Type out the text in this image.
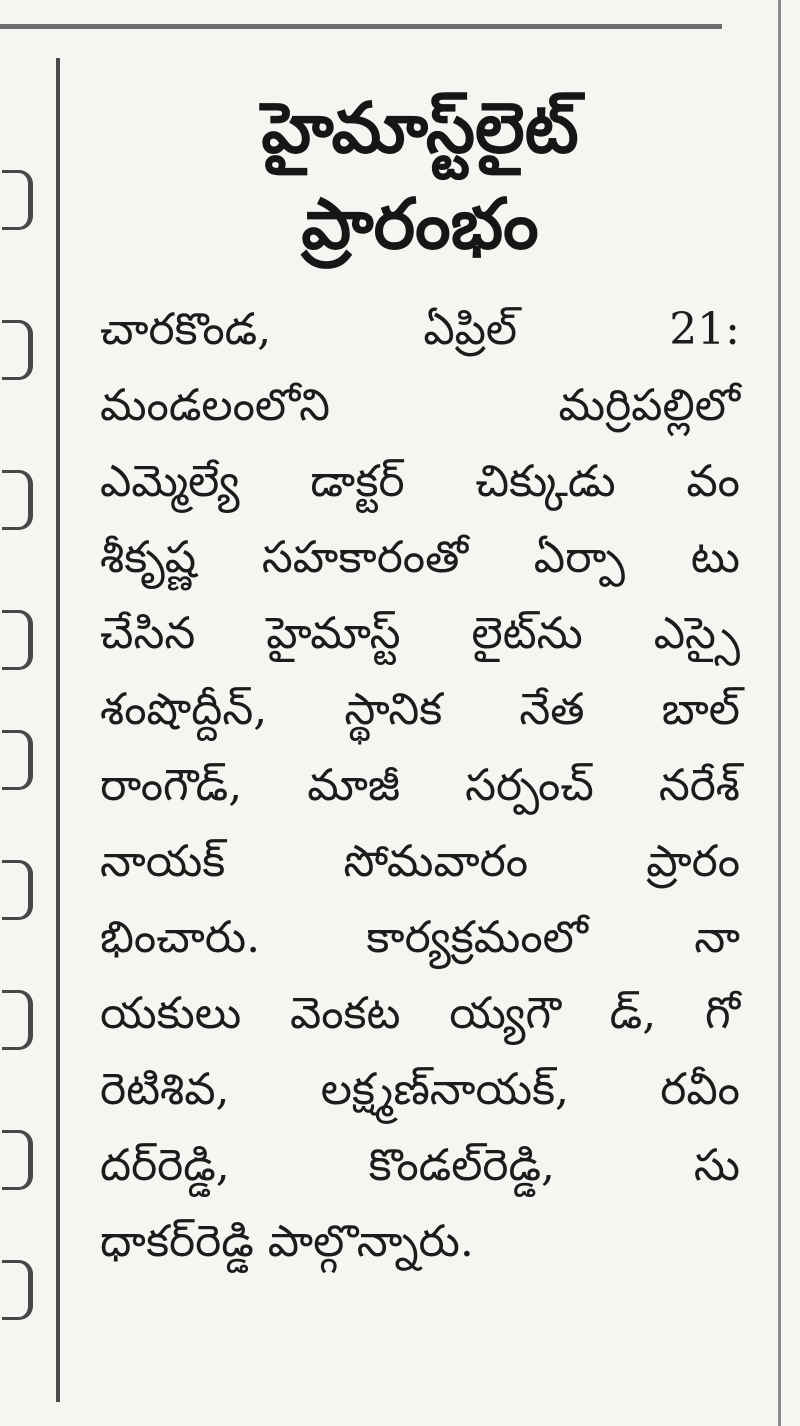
హైమాస్ట్‌లైట్
ప్రారంభం
చారకొండ,	ఏప్రిల్	21:
మండలంలోని మర్రిపల్లిలో
ఎమ్మెల్యే డాక్టర్ చిక్కుడు వం
శీకృష్ణ సహకారంతో ఏర్పా టు
చేసిన హైమాస్ట్ లైట్‌ను ఎస్సై
శంషొద్దీన్, స్థానిక నేత బాల్
రాంగౌడ్, మాజీ సర్పంచ్ నరేశ్
నాయక్ సోమవారం ప్రారం
భించారు. కార్యక్రమంలో నా
యకులు వెంకట య్యగౌ డ్, గో
రెటిశివ, లక్ష్మణ్‌నాయక్, రవీం
దర్‌రెడ్డి, కొండల్‌రెడ్డి, సు
ధాకర్‌రెడ్డి పాల్గొన్నారు.
